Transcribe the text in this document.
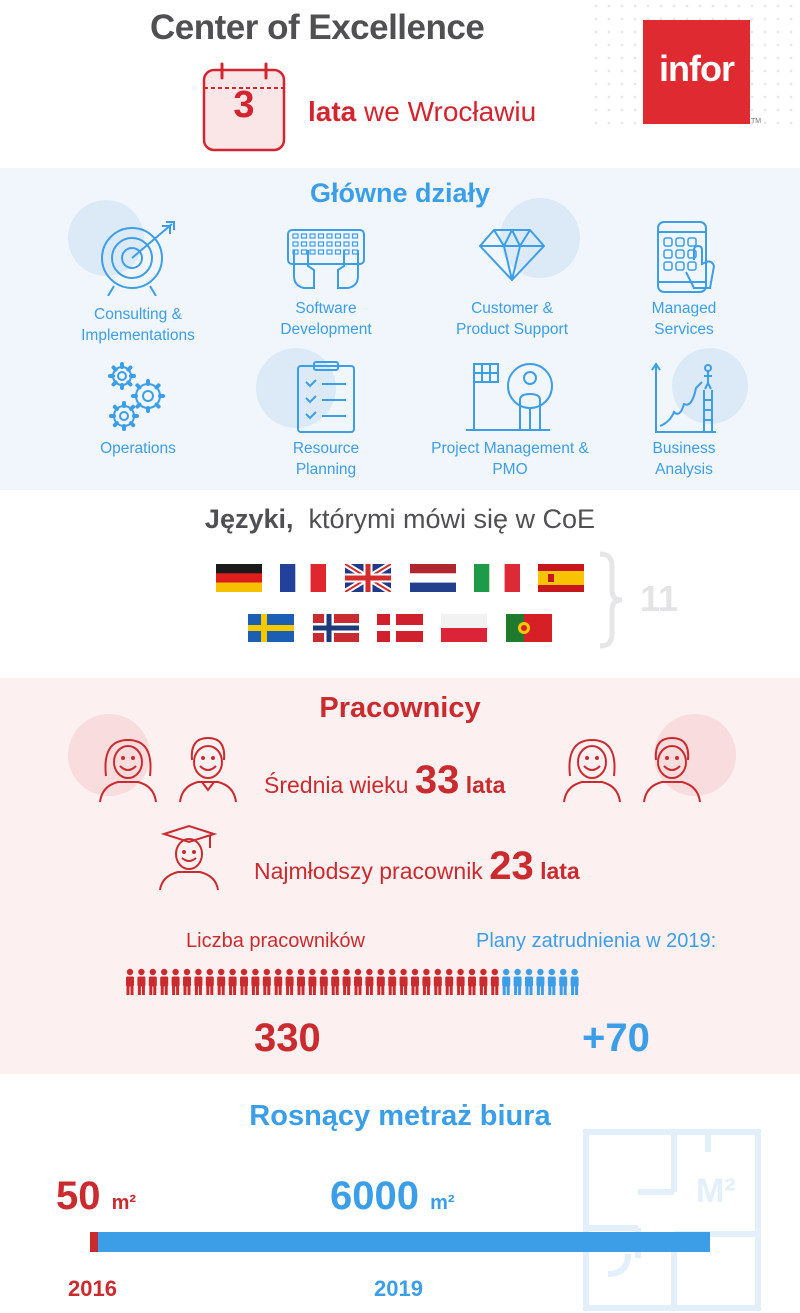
Center of Excellence
3	lata we Wrocławiu
infor
TM
Główne działy
Consulting &
Implementations
Software
Development
Customer &
Product Support
Managed
Services
Operations	Resource
Planning
Project Management &
PMO
Business
Analysis
Języki,  którymi mówi się w CoE
11
Pracownicy
Średnia wieku 33 lata
Najmłodszy pracownik 23 lata
Liczba pracowników	Plany zatrudnienia w 2019:
330	+70
M²
Rosnący metraż biura
50 m²	6000 m²
2016	2019
